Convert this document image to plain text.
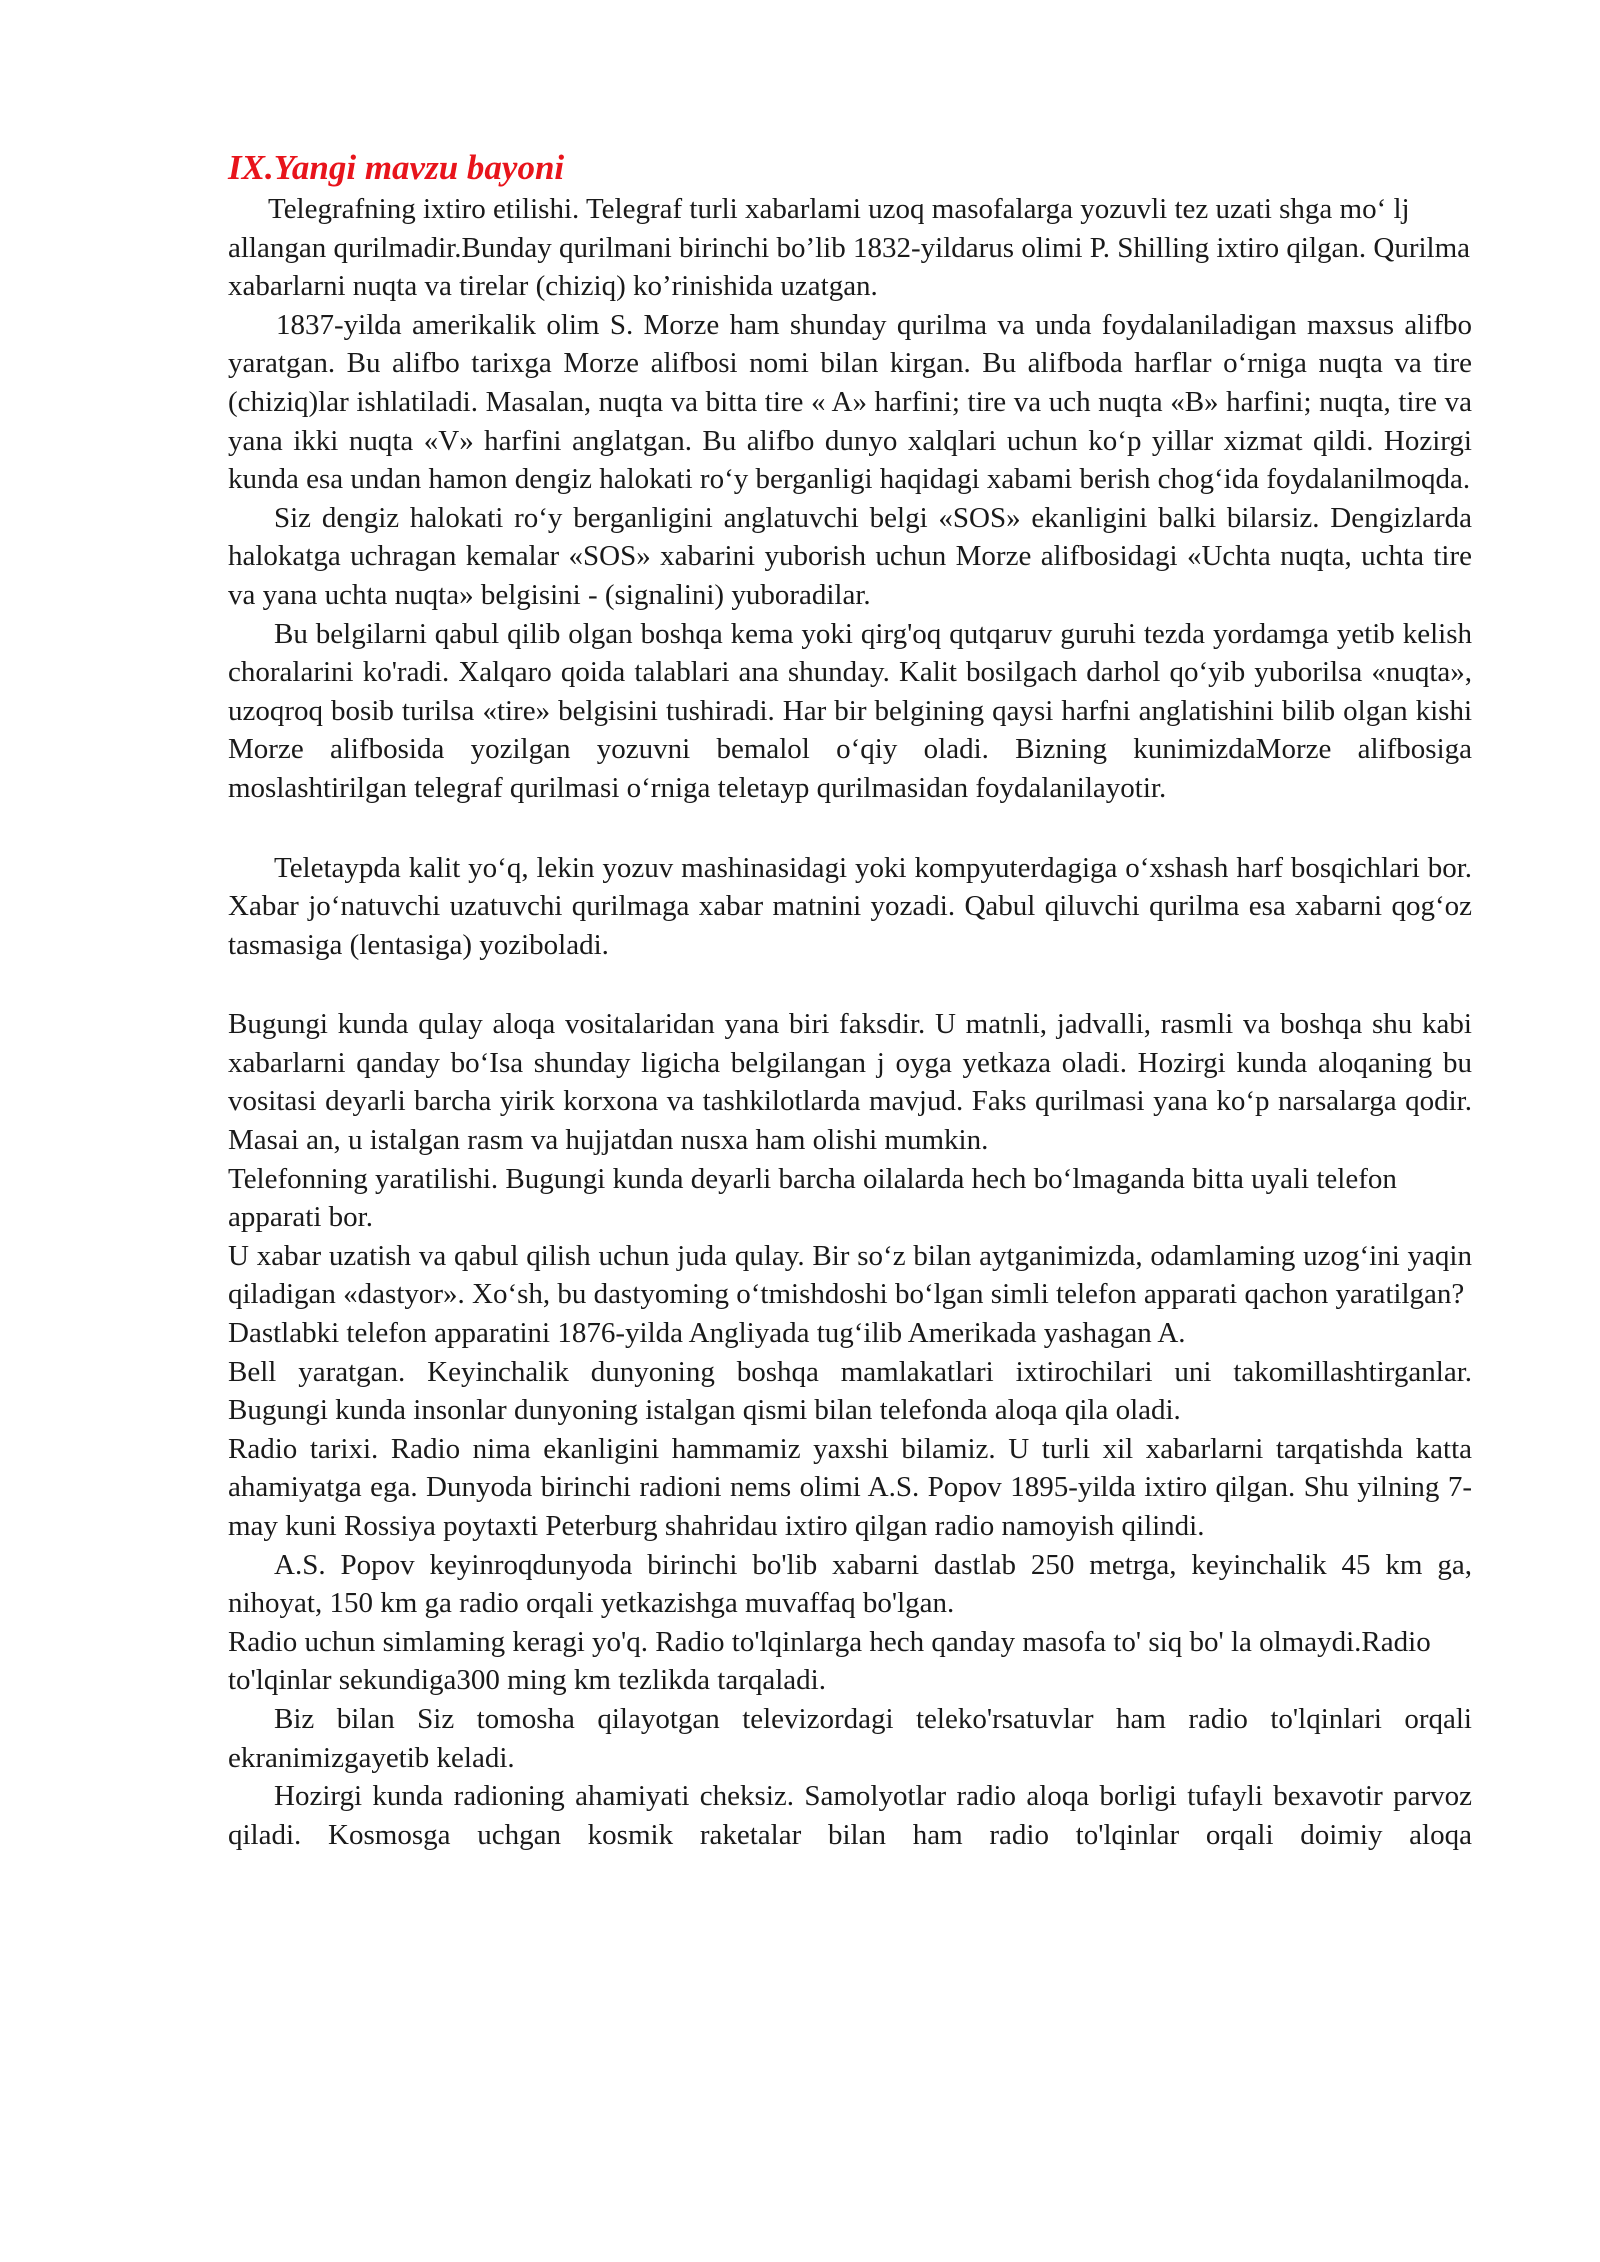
IX.Yangi mavzu bayoni

Telegrafning ixtiro etilishi. Telegraf turli xabarlami uzoq masofalarga yozuvli tez uzati shga mo‘ lj allangan qurilmadir.Bunday qurilmani birinchi bo’lib 1832-yildarus olimi P. Shilling ixtiro qilgan. Qurilma xabarlarni nuqta va tirelar (chiziq) ko’rinishida uzatgan.

1837-yilda amerikalik olim S. Morze ham shunday qurilma va unda foydalaniladigan maxsus alifbo yaratgan. Bu alifbo tarixga Morze alifbosi nomi bilan kirgan. Bu alifboda harflar o‘rniga nuqta va tire (chiziq)lar ishlatiladi. Masalan, nuqta va bitta tire « A» harfini; tire va uch nuqta «B» harfini; nuqta, tire va yana ikki nuqta «V» harfini anglatgan. Bu alifbo dunyo xalqlari uchun ko‘p yillar xizmat qildi. Hozirgi kunda esa undan hamon dengiz halokati ro‘y berganligi haqidagi xabami berish chog‘ida foydalanilmoqda.

Siz dengiz halokati ro‘y berganligini anglatuvchi belgi «SOS» ekanligini balki bilarsiz. Dengizlarda halokatga uchragan kemalar «SOS» xabarini yuborish uchun Morze alifbosidagi «Uchta nuqta, uchta tire va yana uchta nuqta» belgisini - (signalini) yuboradilar.

Bu belgilarni qabul qilib olgan boshqa kema yoki qirg'oq qutqaruv guruhi tezda yordamga yetib kelish choralarini ko'radi. Xalqaro qoida talablari ana shunday. Kalit bosilgach darhol qo‘yib yuborilsa «nuqta», uzoqroq bosib turilsa «tire» belgisini tushiradi. Har bir belgining qaysi harfni anglatishini bilib olgan kishi Morze alifbosida yozilgan yozuvni bemalol o‘qiy oladi. Bizning kunimizdaMorze alifbosiga moslashtirilgan telegraf qurilmasi o‘rniga teletayp qurilmasidan foydalanilayotir.

Teletaypda kalit yo‘q, lekin yozuv mashinasidagi yoki kompyuterdagiga o‘xshash harf bosqichlari bor. Xabar jo‘natuvchi uzatuvchi qurilmaga xabar matnini yozadi. Qabul qiluvchi qurilma esa xabarni qog‘oz tasmasiga (lentasiga) yoziboladi.

Bugungi kunda qulay aloqa vositalaridan yana biri faksdir. U matnli, jadvalli, rasmli va boshqa shu kabi xabarlarni qanday bo‘Isa shunday ligicha belgilangan j oyga yetkaza oladi. Hozirgi kunda aloqaning bu vositasi deyarli barcha yirik korxona va tashkilotlarda mavjud. Faks qurilmasi yana ko‘p narsalarga qodir. Masai an, u istalgan rasm va hujjatdan nusxa ham olishi mumkin.

Telefonning yaratilishi. Bugungi kunda deyarli barcha oilalarda hech bo‘lmaganda bitta uyali telefon apparati bor.

U xabar uzatish va qabul qilish uchun juda qulay. Bir so‘z bilan aytganimizda, odamlaming uzog‘ini yaqin qiladigan «dastyor». Xo‘sh, bu dastyoming o‘tmishdoshi bo‘lgan simli telefon apparati qachon yaratilgan?

Dastlabki telefon apparatini 1876-yilda Angliyada tug‘ilib Amerikada yashagan A.

Bell yaratgan. Keyinchalik dunyoning boshqa mamlakatlari ixtirochilari uni takomillashtirganlar.

Bugungi kunda insonlar dunyoning istalgan qismi bilan telefonda aloqa qila oladi.

Radio tarixi. Radio nima ekanligini hammamiz yaxshi bilamiz. U turli xil xabarlarni tarqatishda katta ahamiyatga ega. Dunyoda birinchi radioni nems olimi A.S. Popov 1895-yilda ixtiro qilgan. Shu yilning 7-may kuni Rossiya poytaxti Peterburg shahridau ixtiro qilgan radio namoyish qilindi.

A.S. Popov keyinroqdunyoda birinchi bo'lib xabarni dastlab 250 metrga, keyinchalik 45 km ga, nihoyat, 150 km ga radio orqali yetkazishga muvaffaq bo'lgan.

Radio uchun simlaming keragi yo'q. Radio to'lqinlarga hech qanday masofa to' siq bo' la olmaydi.Radio to'lqinlar sekundiga300 ming km tezlikda tarqaladi.

Biz bilan Siz tomosha qilayotgan televizordagi teleko'rsatuvlar ham radio to'lqinlari orqali ekranimizgayetib keladi.

Hozirgi kunda radioning ahamiyati cheksiz. Samolyotlar radio aloqa borligi tufayli bexavotir parvoz qiladi. Kosmosga uchgan kosmik raketalar bilan ham radio to'lqinlar orqali doimiy aloqa
